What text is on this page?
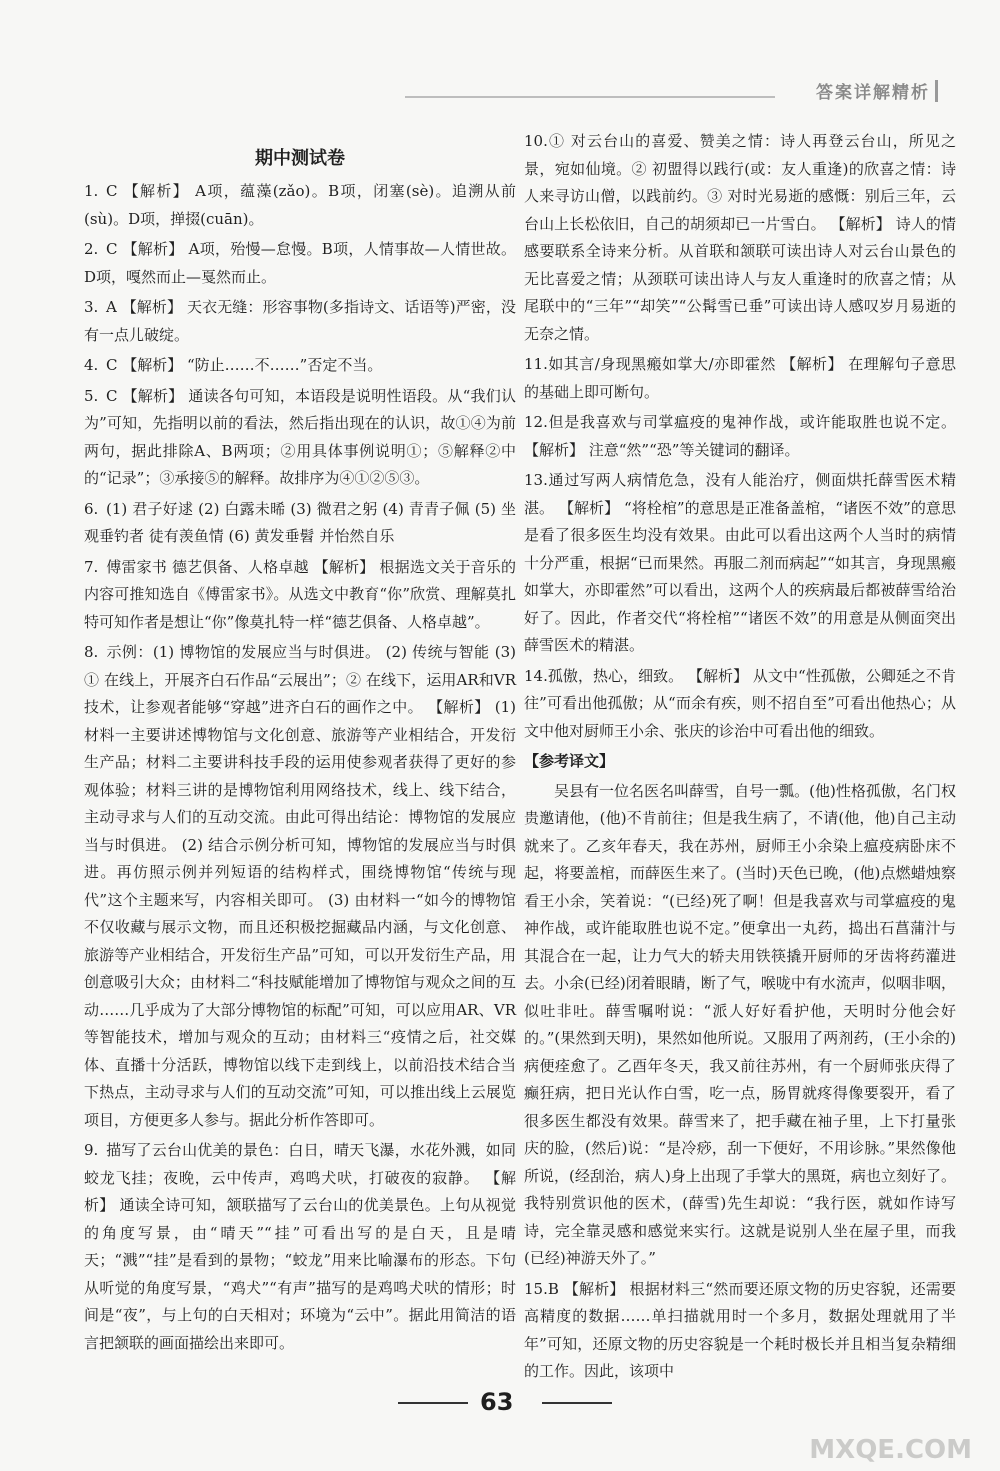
答案详解精析
期中测试卷

1. C 【解析】 A项，蕴藻(zǎo)。B项，闭塞(sè)。追溯从前(sù)。D项，掸掇(cuān)。

2. C 【解析】 A项，殆慢—怠慢。B项，人情事故—人情世故。D项，嘎然而止—戛然而止。

3. A 【解析】 天衣无缝：形容事物(多指诗文、话语等)严密，没有一点儿破绽。

4. C 【解析】 “防止……不……”否定不当。

5. C 【解析】 通读各句可知，本语段是说明性语段。从“我们认为”可知，先指明以前的看法，然后指出现在的认识，故①④为前两句，据此排除A、B两项；②用具体事例说明①；⑤解释②中的“记录”；③承接⑤的解释。故排序为④①②⑤③。

6. (1) 君子好逑 (2) 白露未晞 (3) 微君之躬 (4) 青青子佩 (5) 坐观垂钓者 徒有羡鱼情 (6) 黄发垂髫 并怡然自乐

7. 傅雷家书 德艺俱备、人格卓越 【解析】 根据选文关于音乐的内容可推知选自《傅雷家书》。从选文中教育“你”欣赏、理解莫扎特可知作者是想让“你”像莫扎特一样“德艺俱备、人格卓越”。

8. 示例：(1) 博物馆的发展应当与时俱进。 (2) 传统与智能 (3) ① 在线上，开展齐白石作品“云展出”；② 在线下，运用AR和VR技术，让参观者能够“穿越”进齐白石的画作之中。 【解析】 (1) 材料一主要讲述博物馆与文化创意、旅游等产业相结合，开发衍生产品；材料二主要讲科技手段的运用使参观者获得了更好的参观体验；材料三讲的是博物馆利用网络技术，线上、线下结合，主动寻求与人们的互动交流。由此可得出结论：博物馆的发展应当与时俱进。 (2) 结合示例分析可知，博物馆的发展应当与时俱进。再仿照示例并列短语的结构样式，围绕博物馆“传统与现代”这个主题来写，内容相关即可。 (3) 由材料一“如今的博物馆不仅收藏与展示文物，而且还积极挖掘藏品内涵，与文化创意、旅游等产业相结合，开发衍生产品”可知，可以开发衍生产品，用创意吸引大众；由材料二“科技赋能增加了博物馆与观众之间的互动……几乎成为了大部分博物馆的标配”可知，可以应用AR、VR等智能技术，增加与观众的互动；由材料三“疫情之后，社交媒体、直播十分活跃，博物馆以线下走到线上，以前沿技术结合当下热点，主动寻求与人们的互动交流”可知，可以推出线上云展览项目，方便更多人参与。据此分析作答即可。

9. 描写了云台山优美的景色：白日，晴天飞瀑，水花外溅，如同蛟龙飞挂；夜晚，云中传声，鸡鸣犬吠，打破夜的寂静。 【解析】 通读全诗可知，颔联描写了云台山的优美景色。上句从视觉的角度写景，由“晴天”“挂”可看出写的是白天，且是晴天；“溅”“挂”是看到的景物；“蛟龙”用来比喻瀑布的形态。下句从听觉的角度写景，“鸡犬”“有声”描写的是鸡鸣犬吠的情形；时间是“夜”，与上句的白天相对；环境为“云中”。据此用简洁的语言把颔联的画面描绘出来即可。

10.① 对云台山的喜爱、赞美之情：诗人再登云台山，所见之景，宛如仙境。② 初盟得以践行(或：友人重逢)的欣喜之情：诗人来寻访山僧，以践前约。③ 对时光易逝的感慨：别后三年，云台山上长松依旧，自己的胡须却已一片雪白。 【解析】 诗人的情感要联系全诗来分析。从首联和颔联可读出诗人对云台山景色的无比喜爱之情；从颈联可读出诗人与友人重逢时的欣喜之情；从尾联中的“三年”“却笑”“公髯雪已垂”可读出诗人感叹岁月易逝的无奈之情。

11.如其言/身现黑瘢如掌大/亦即霍然 【解析】 在理解句子意思的基础上即可断句。

12.但是我喜欢与司掌瘟疫的鬼神作战，或许能取胜也说不定。 【解析】 注意“然”“恐”等关键词的翻译。

13.通过写两人病情危急，没有人能治疗，侧面烘托薛雪医术精湛。 【解析】 “将栓棺”的意思是正准备盖棺，“诸医不效”的意思是看了很多医生均没有效果。由此可以看出这两个人当时的病情十分严重，根据“已而果然。再服二剂而病起”“如其言，身现黑瘢如掌大，亦即霍然”可以看出，这两个人的疾病最后都被薛雪给治好了。因此，作者交代“将栓棺”“诸医不效”的用意是从侧面突出薛雪医术的精湛。

14.孤傲，热心，细致。 【解析】 从文中“性孤傲，公卿延之不肯往”可看出他孤傲；从“而余有疾，则不招自至”可看出他热心；从文中他对厨师王小余、张庆的诊治中可看出他的细致。

【参考译文】

吴县有一位名医名叫薛雪，自号一瓢。(他)性格孤傲，名门权贵邀请他，(他)不肯前往；但是我生病了，不请(他，他)自己主动就来了。乙亥年春天，我在苏州，厨师王小余染上瘟疫病卧床不起，将要盖棺，而薛医生来了。(当时)天色已晚，(他)点燃蜡烛察看王小余，笑着说：“(已经)死了啊！但是我喜欢与司掌瘟疫的鬼神作战，或许能取胜也说不定。”便拿出一丸药，捣出石菖蒲汁与其混合在一起，让力气大的轿夫用铁筷撬开厨师的牙齿将药灌进去。小余(已经)闭着眼睛，断了气，喉咙中有水流声，似咽非咽，似吐非吐。薛雪嘱咐说：“派人好好看护他，天明时分他会好的。”(果然到天明)，果然如他所说。又服用了两剂药，(王小余的)病便痊愈了。乙酉年冬天，我又前往苏州，有一个厨师张庆得了癫狂病，把日光认作白雪，吃一点，肠胃就疼得像要裂开，看了很多医生都没有效果。薛雪来了，把手藏在袖子里，上下打量张庆的脸，(然后)说：“是冷痧，刮一下便好，不用诊脉。”果然像他所说，(经刮治，病人)身上出现了手掌大的黑斑，病也立刻好了。我特别赏识他的医术，(薛雪)先生却说：“我行医，就如作诗写诗，完全靠灵感和感觉来实行。这就是说别人坐在屋子里，而我(已经)神游天外了。”

15.B 【解析】 根据材料三“然而要还原文物的历史容貌，还需要高精度的数据……单扫描就用时一个多月，数据处理就用了半年”可知，还原文物的历史容貌是一个耗时极长并且相当复杂精细的工作。因此，该项中

63
MXQE.COM
